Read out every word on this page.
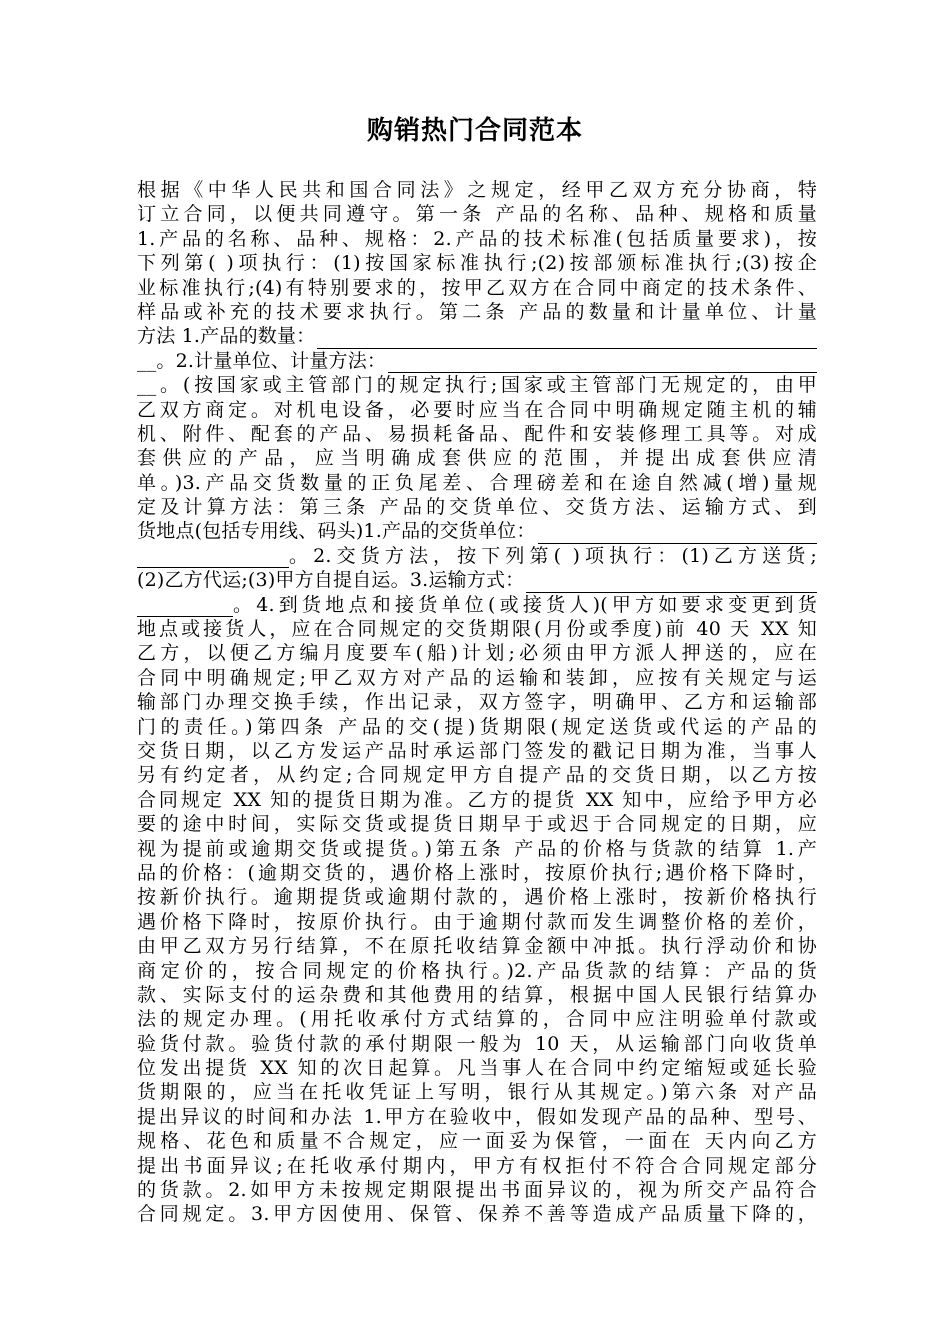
购销热门合同范本
根据《中华人民共和国合同法》之规定，经甲乙双方充分协商，特
订立合同，以便共同遵守。第一条 产品的名称、品种、规格和质量
1.产品的名称、品种、规格：2.产品的技术标准(包括质量要求)，按
下列第( )项执行：(1)按国家标准执行;(2)按部颁标准执行;(3)按企
业标准执行;(4)有特别要求的，按甲乙双方在合同中商定的技术条件、
样品或补充的技术要求执行。第二条 产品的数量和计量单位、计量
方法 1.产品的数量：
__。2.计量单位、计量方法：
__。(按国家或主管部门的规定执行;国家或主管部门无规定的，由甲
乙双方商定。对机电设备，必要时应当在合同中明确规定随主机的辅
机、附件、配套的产品、易损耗备品、配件和安装修理工具等。对成
套供应的产品，应当明确成套供应的范围，并提出成套供应清
单。)3.产品交货数量的正负尾差、合理磅差和在途自然减(增)量规
定及计算方法：第三条 产品的交货单位、交货方法、运输方式、到
货地点(包括专用线、码头)1.产品的交货单位：
。2.交货方法，按下列第( )项执行：(1)乙方送货;
(2)乙方代运;(3)甲方自提自运。3.运输方式：
。4.到货地点和接货单位(或接货人)(甲方如要求变更到货
地点或接货人，应在合同规定的交货期限(月份或季度)前 40 天 XX 知
乙方，以便乙方编月度要车(船)计划;必须由甲方派人押送的，应在
合同中明确规定;甲乙双方对产品的运输和装卸，应按有关规定与运
输部门办理交换手续，作出记录，双方签字，明确甲、乙方和运输部
门的责任。)第四条 产品的交(提)货期限(规定送货或代运的产品的
交货日期，以乙方发运产品时承运部门签发的戳记日期为准，当事人
另有约定者，从约定;合同规定甲方自提产品的交货日期，以乙方按
合同规定 XX 知的提货日期为准。乙方的提货 XX 知中，应给予甲方必
要的途中时间，实际交货或提货日期早于或迟于合同规定的日期，应
视为提前或逾期交货或提货。)第五条 产品的价格与货款的结算 1.产
品的价格：(逾期交货的，遇价格上涨时，按原价执行;遇价格下降时，
按新价执行。逾期提货或逾期付款的，遇价格上涨时，按新价格执行
遇价格下降时，按原价执行。由于逾期付款而发生调整价格的差价，
由甲乙双方另行结算，不在原托收结算金额中冲抵。执行浮动价和协
商定价的，按合同规定的价格执行。)2.产品货款的结算：产品的货
款、实际支付的运杂费和其他费用的结算，根据中国人民银行结算办
法的规定办理。(用托收承付方式结算的，合同中应注明验单付款或
验货付款。验货付款的承付期限一般为 10 天，从运输部门向收货单
位发出提货 XX 知的次日起算。凡当事人在合同中约定缩短或延长验
货期限的，应当在托收凭证上写明，银行从其规定。)第六条 对产品
提出异议的时间和办法 1.甲方在验收中，假如发现产品的品种、型号、
规格、花色和质量不合规定，应一面妥为保管，一面在 天内向乙方
提出书面异议;在托收承付期内，甲方有权拒付不符合合同规定部分
的货款。2.如甲方未按规定期限提出书面异议的，视为所交产品符合
合同规定。3.甲方因使用、保管、保养不善等造成产品质量下降的，
